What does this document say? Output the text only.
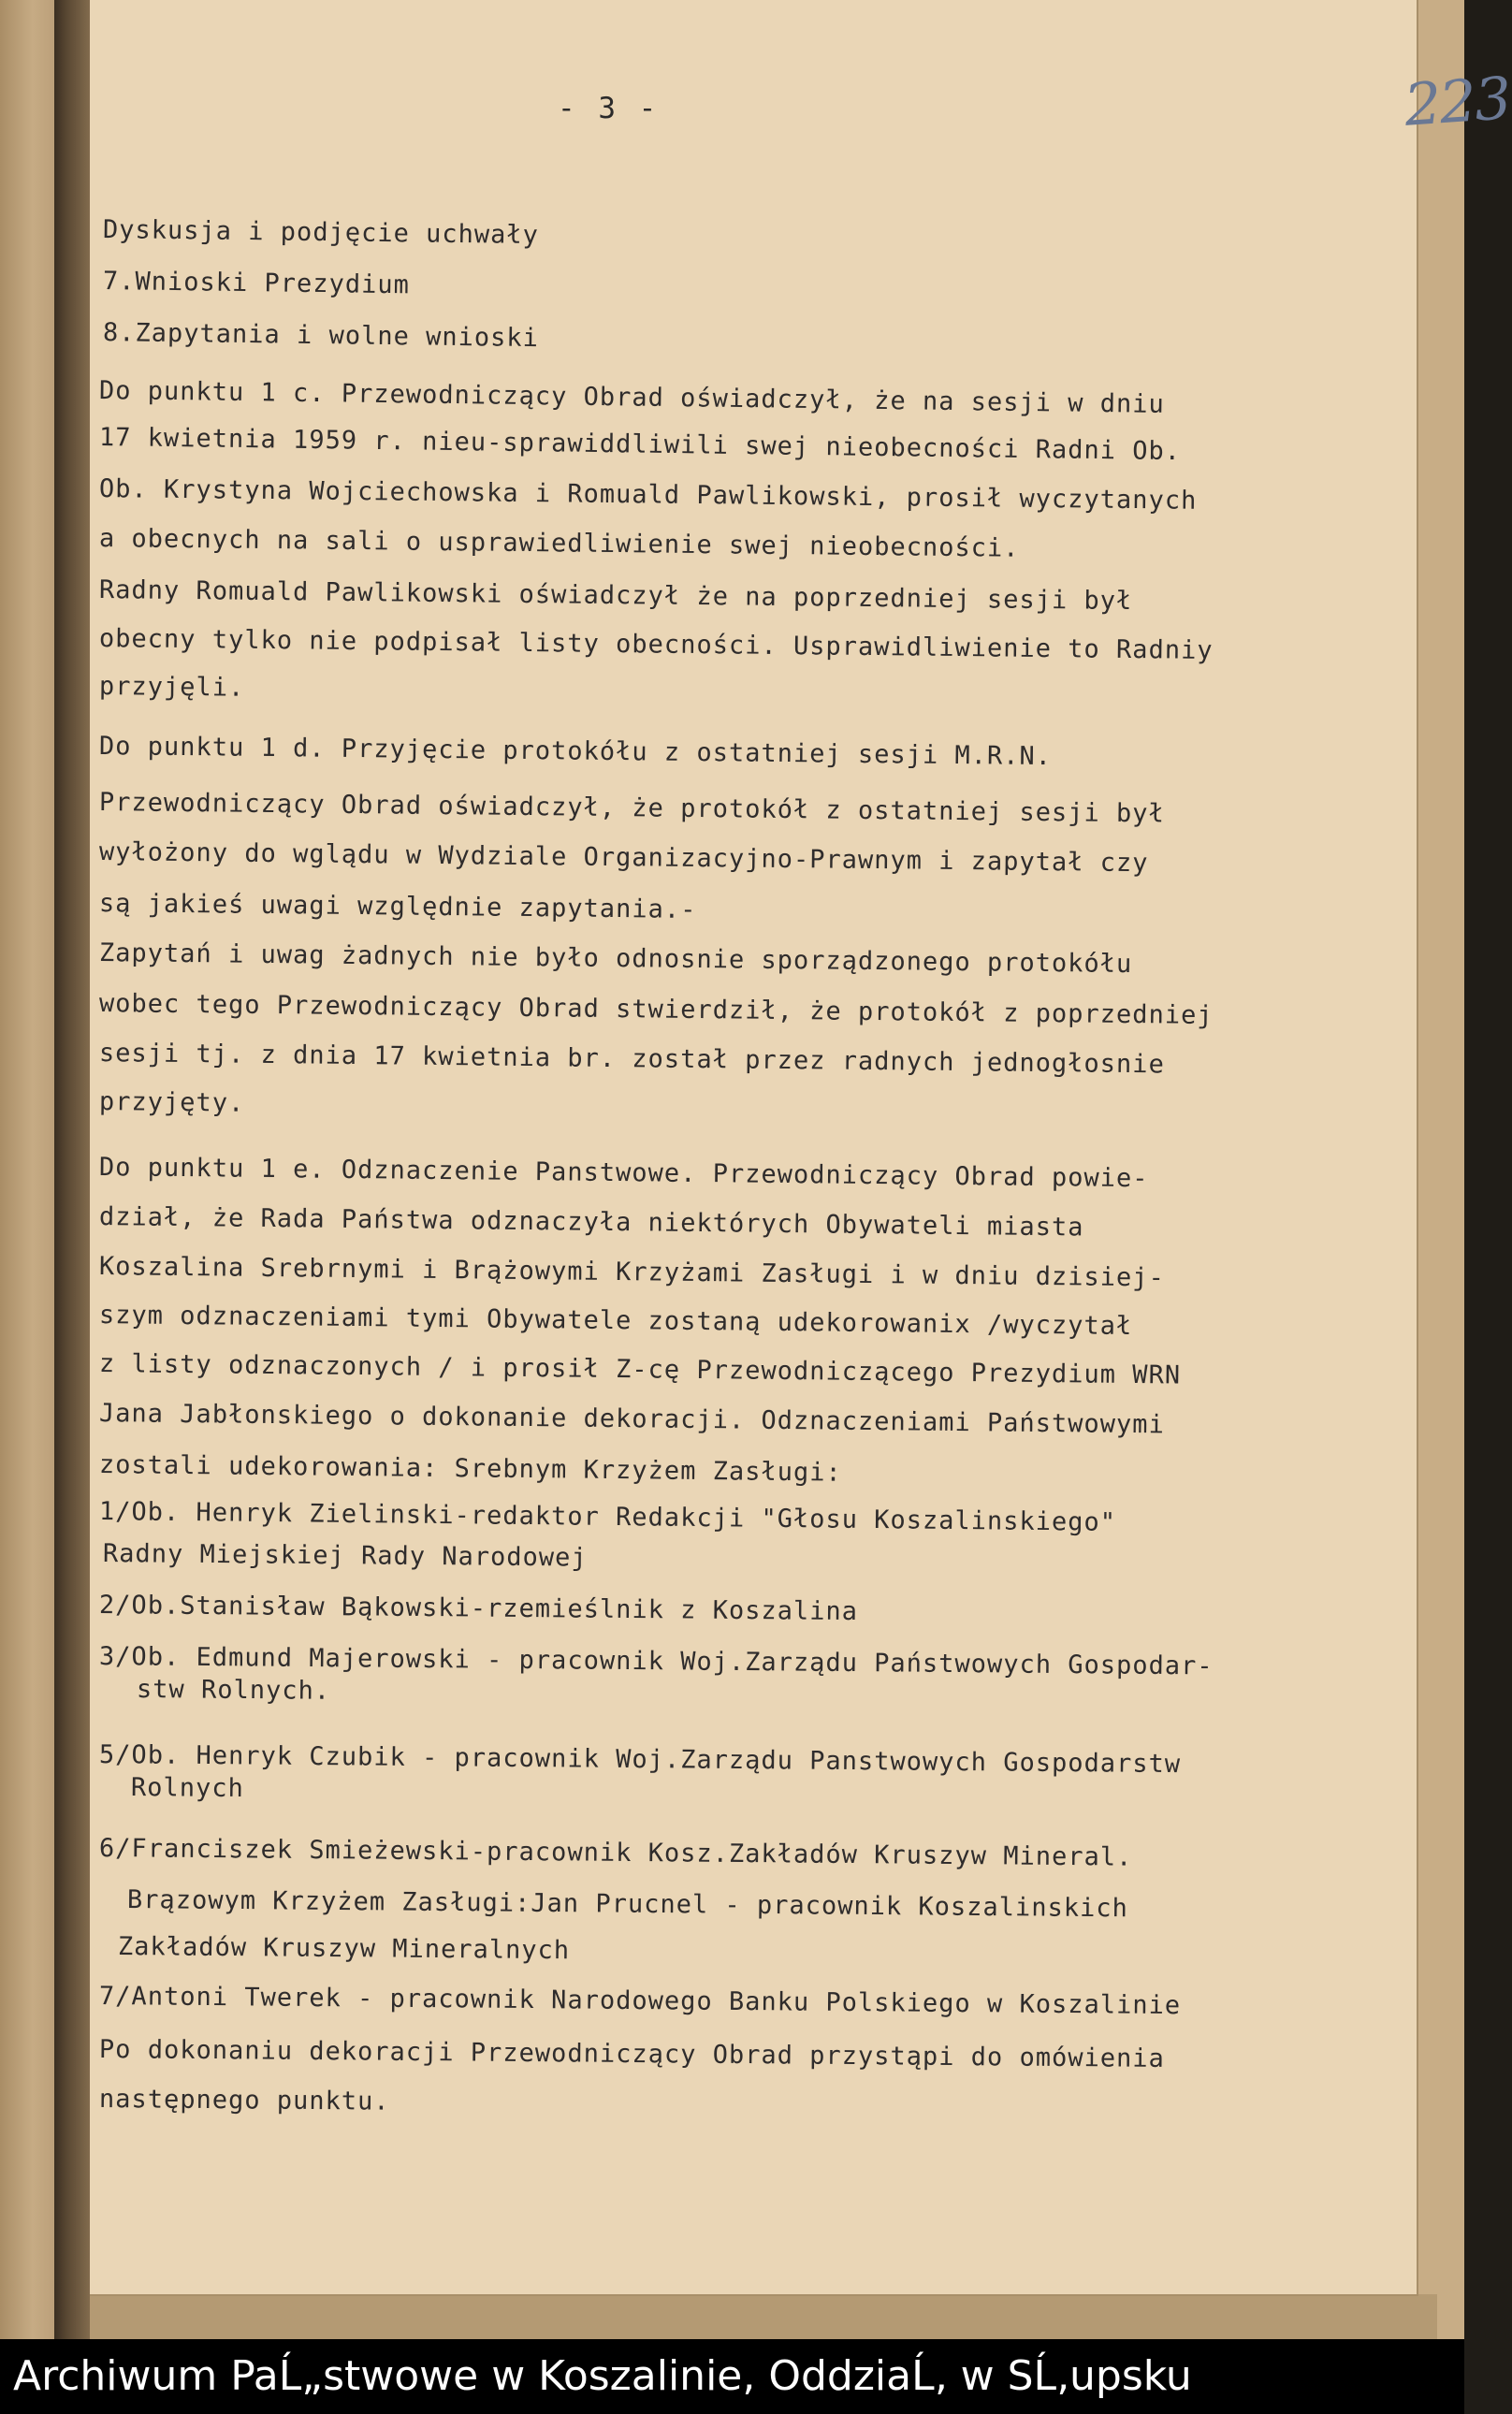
- 3 -	223
Dyskusja i podjęcie uchwały
7.Wnioski Prezydium
8.Zapytania i wolne wnioski
Do punktu 1 c. Przewodniczący Obrad oświadczył, że na sesji w dniu
17 kwietnia 1959 r. nieu-sprawiddliwili swej nieobecności Radni Ob.
Ob. Krystyna Wojciechowska i Romuald Pawlikowski, prosił wyczytanych
a obecnych na sali o usprawiedliwienie swej nieobecności.
Radny Romuald Pawlikowski oświadczył że na poprzedniej sesji był
obecny tylko nie podpisał listy obecności. Usprawidliwienie to Radniy
przyjęli.
Do punktu 1 d. Przyjęcie protokółu z ostatniej sesji M.R.N.
Przewodniczący Obrad oświadczył, że protokół z ostatniej sesji był
wyłożony do wglądu w Wydziale Organizacyjno-Prawnym i zapytał czy
są jakieś uwagi względnie zapytania.-
Zapytań i uwag żadnych nie było odnosnie sporządzonego protokółu
wobec tego Przewodniczący Obrad stwierdził, że protokół z poprzedniej
sesji tj. z dnia 17 kwietnia br. został przez radnych jednogłosnie
przyjęty.
Do punktu 1 e. Odznaczenie Panstwowe. Przewodniczący Obrad powie-
dział, że Rada Państwa odznaczyła niektórych Obywateli miasta
Koszalina Srebrnymi i Brążowymi Krzyżami Zasługi i w dniu dzisiej-
szym odznaczeniami tymi Obywatele zostaną udekorowanix /wyczytał
z listy odznaczonych / i prosił Z-cę Przewodniczącego Prezydium WRN
Jana Jabłonskiego o dokonanie dekoracji. Odznaczeniami Państwowymi
zostali udekorowania: Srebnym Krzyżem Zasługi:
1/Ob. Henryk Zielinski-redaktor Redakcji "Głosu Koszalinskiego"
Radny Miejskiej Rady Narodowej
2/Ob.Stanisław Bąkowski-rzemieślnik z Koszalina
3/Ob. Edmund Majerowski - pracownik Woj.Zarządu Państwowych Gospodar-
stw Rolnych.
5/Ob. Henryk Czubik - pracownik Woj.Zarządu Panstwowych Gospodarstw
Rolnych
6/Franciszek Smieżewski-pracownik Kosz.Zakładów Kruszyw Mineral.
Brązowym Krzyżem Zasługi:Jan Prucnel - pracownik Koszalinskich
Zakładów Kruszyw Mineralnych
7/Antoni Twerek - pracownik Narodowego Banku Polskiego w Koszalinie
Po dokonaniu dekoracji Przewodniczący Obrad przystąpi do omówienia
następnego punktu.
Archiwum PaĹ„stwowe w Koszalinie, OddziaĹ‚ w SĹ‚upsku
